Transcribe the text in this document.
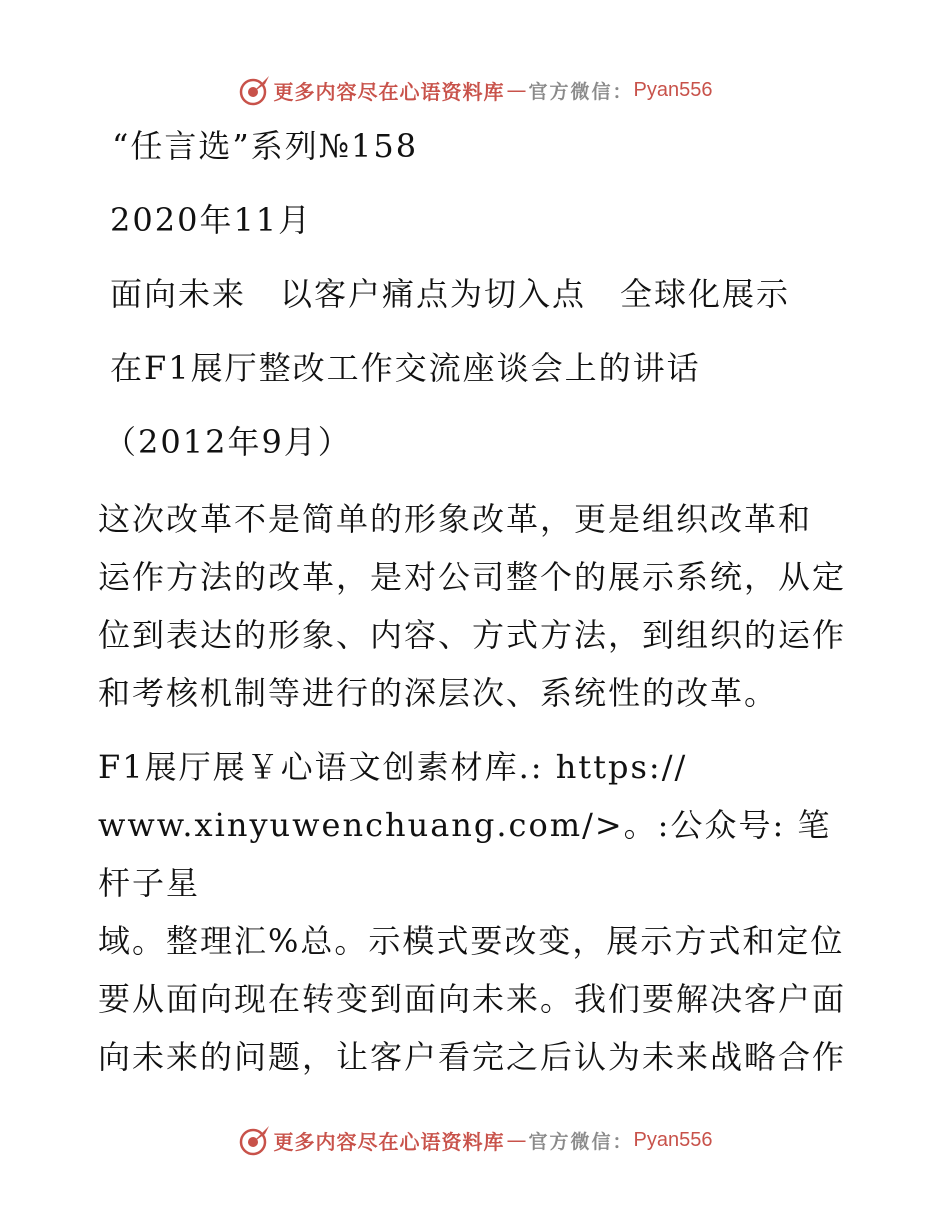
更多内容尽在心语资料库 — 官方微信： Pyan556
“任言选”系列№158
2020年11月
面向未来　以客户痛点为切入点　全球化展示
在F1展厅整改工作交流座谈会上的讲话
（2012年9月）
这次改革不是简单的形象改革，更是组织改革和
运作方法的改革，是对公司整个的展示系统，从定
位到表达的形象、内容、方式方法，到组织的运作
和考核机制等进行的深层次、系统性的改革。
F1展厅展￥心语文创素材库.: https://
www.xinyuwenchuang.com/>。:公众号: 笔杆子星
域。整理汇%总。示模式要改变，展示方式和定位
要从面向现在转变到面向未来。我们要解决客户面
向未来的问题，让客户看完之后认为未来战略合作
更多内容尽在心语资料库 — 官方微信： Pyan556
